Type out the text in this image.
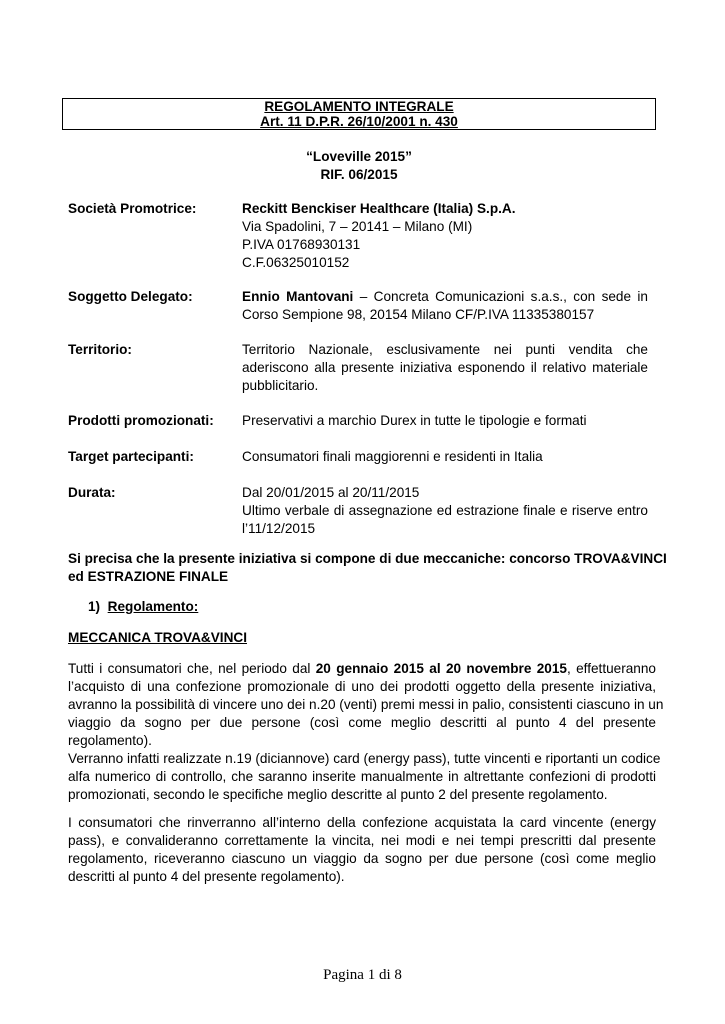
REGOLAMENTO INTEGRALE
Art. 11 D.P.R. 26/10/2001 n. 430
“Loveville 2015”
RIF. 06/2015
Società Promotrice:	Reckitt Benckiser Healthcare (Italia) S.p.A.
Via Spadolini, 7 – 20141 – Milano (MI)
P.IVA 01768930131
C.F.06325010152
Soggetto Delegato:	Ennio Mantovani – Concreta Comunicazioni s.a.s., con sede in
Corso Sempione 98, 20154 Milano CF/P.IVA 11335380157
Territorio:	Territorio Nazionale, esclusivamente nei punti vendita che
aderiscono alla presente iniziativa esponendo il relativo materiale
pubblicitario.
Prodotti promozionati:	Preservativi a marchio Durex in tutte le tipologie e formati
Target partecipanti:	Consumatori finali maggiorenni e residenti in Italia
Durata:	Dal 20/01/2015 al 20/11/2015
Ultimo verbale di assegnazione ed estrazione finale e riserve entro
l’11/12/2015
Si precisa che la presente iniziativa si compone di due meccaniche: concorso TROVA&VINCI
ed ESTRAZIONE FINALE
1) Regolamento:
MECCANICA TROVA&VINCI
Tutti i consumatori che, nel periodo dal 20 gennaio 2015 al 20 novembre 2015, effettueranno
l’acquisto di una confezione promozionale di uno dei prodotti oggetto della presente iniziativa,
avranno la possibilità di vincere uno dei n.20 (venti) premi messi in palio, consistenti ciascuno in un
viaggio da sogno per due persone (così come meglio descritti al punto 4 del presente
regolamento).
Verranno infatti realizzate n.19 (diciannove) card (energy pass), tutte vincenti e riportanti un codice
alfa numerico di controllo, che saranno inserite manualmente in altrettante confezioni di prodotti
promozionati, secondo le specifiche meglio descritte al punto 2 del presente regolamento.
I consumatori che rinverranno all’interno della confezione acquistata la card vincente (energy
pass), e convalideranno correttamente la vincita, nei modi e nei tempi prescritti dal presente
regolamento, riceveranno ciascuno un viaggio da sogno per due persone (così come meglio
descritti al punto 4 del presente regolamento).
Pagina 1 di 8
